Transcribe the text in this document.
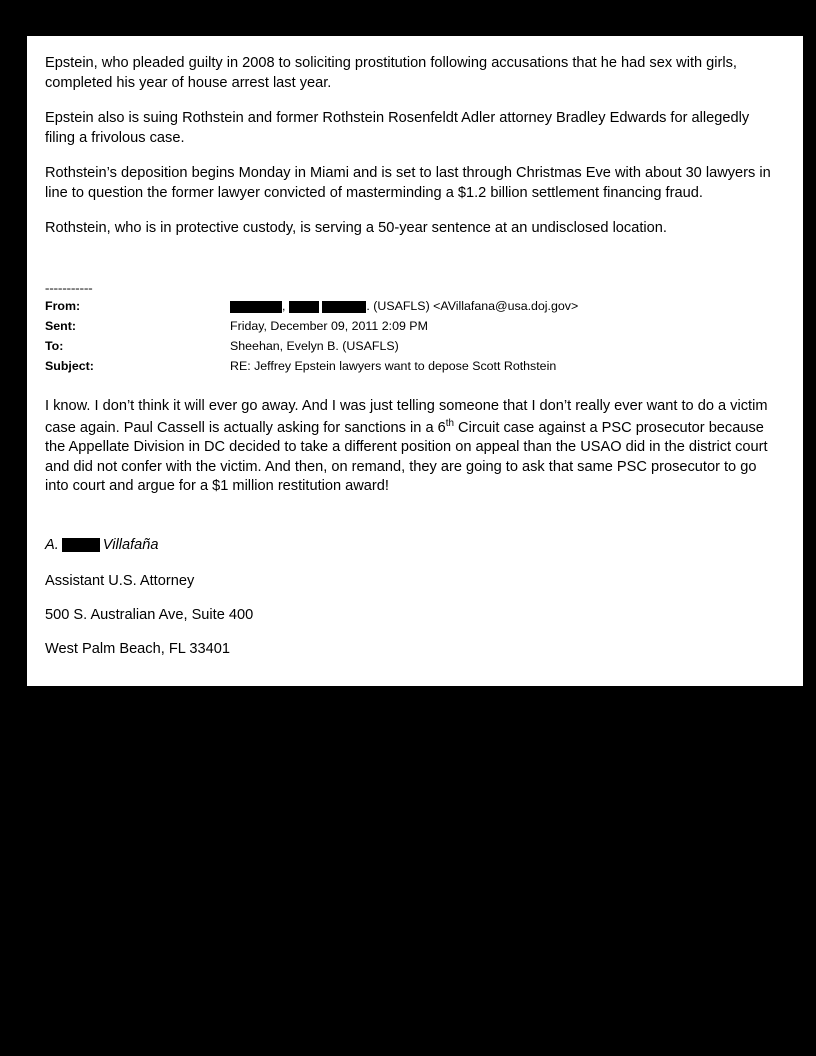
Epstein, who pleaded guilty in 2008 to soliciting prostitution following accusations that he had sex with girls, completed his year of house arrest last year.

Epstein also is suing Rothstein and former Rothstein Rosenfeldt Adler attorney Bradley Edwards for allegedly filing a frivolous case.

Rothstein’s deposition begins Monday in Miami and is set to last through Christmas Eve with about 30 lawyers in line to question the former lawyer convicted of masterminding a $1.2 billion settlement financing fraud.

Rothstein, who is in protective custody, is serving a 50-year sentence at an undisclosed location.

-----------

From:	, . (USAFLS) <AVillafana@usa.doj.gov>
Sent:	Friday, December 09, 2011 2:09 PM
To:	Sheehan, Evelyn B. (USAFLS)
Subject:	RE: Jeffrey Epstein lawyers want to depose Scott Rothstein

I know. I don’t think it will ever go away. And I was just telling someone that I don’t really ever want to do a victim case again. Paul Cassell is actually asking for sanctions in a 6th Circuit case against a PSC prosecutor because the Appellate Division in DC decided to take a different position on appeal than the USAO did in the district court and did not confer with the victim. And then, on remand, they are going to ask that same PSC prosecutor to go into court and argue for a $1 million restitution award!

A.	Villafaña

Assistant U.S. Attorney

500 S. Australian Ave, Suite 400

West Palm Beach, FL 33401
